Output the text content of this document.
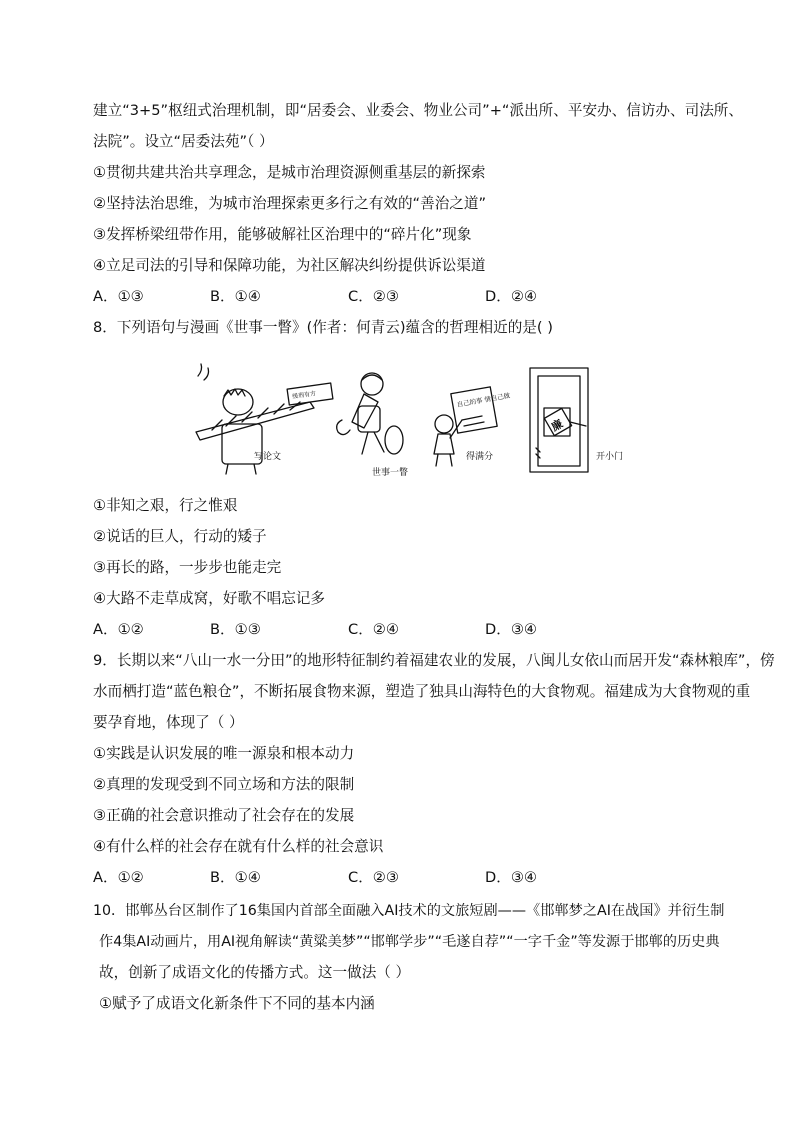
建立“3+5”枢纽式治理机制，即“居委会、业委会、物业公司”+“派出所、平安办、信访办、司法所、
法院”。设立“居委法苑”（ ）
①贯彻共建共治共享理念，是城市治理资源侧重基层的新探索
②坚持法治思维，为城市治理探索更多行之有效的“善治之道”
③发挥桥梁纽带作用，能够破解社区治理中的“碎片化”现象
④立足司法的引导和保障功能，为社区解决纠纷提供诉讼渠道
A．①③	B．①④	C．②③	D．②④
8．下列语句与漫画《世事一瞥》(作者：何青云)蕴含的哲理相近的是( )
缓刑有方	自己的事 情自己做
廉
写论文
世事一瞥
得满分	开小门
①非知之艰，行之惟艰
②说话的巨人，行动的矮子
③再长的路，一步步也能走完
④大路不走草成窝，好歌不唱忘记多
A．①②	B．①③	C．②④	D．③④
9．长期以来“八山一水一分田”的地形特征制约着福建农业的发展，八闽儿女依山而居开发“森林粮库”，傍
水而栖打造“蓝色粮仓”，不断拓展食物来源，塑造了独具山海特色的大食物观。福建成为大食物观的重
要孕育地，体现了（ ）
①实践是认识发展的唯一源泉和根本动力
②真理的发现受到不同立场和方法的限制
③正确的社会意识推动了社会存在的发展
④有什么样的社会存在就有什么样的社会意识
A．①②	B．①④	C．②③	D．③④
10．邯郸丛台区制作了16集国内首部全面融入AI技术的文旅短剧——《邯郸梦之AI在战国》并衍生制
作4集AI动画片，用AI视角解读“黄粱美梦”“邯郸学步”“毛遂自荐”“一字千金”等发源于邯郸的历史典
故，创新了成语文化的传播方式。这一做法（ ）
①赋予了成语文化新条件下不同的基本内涵
